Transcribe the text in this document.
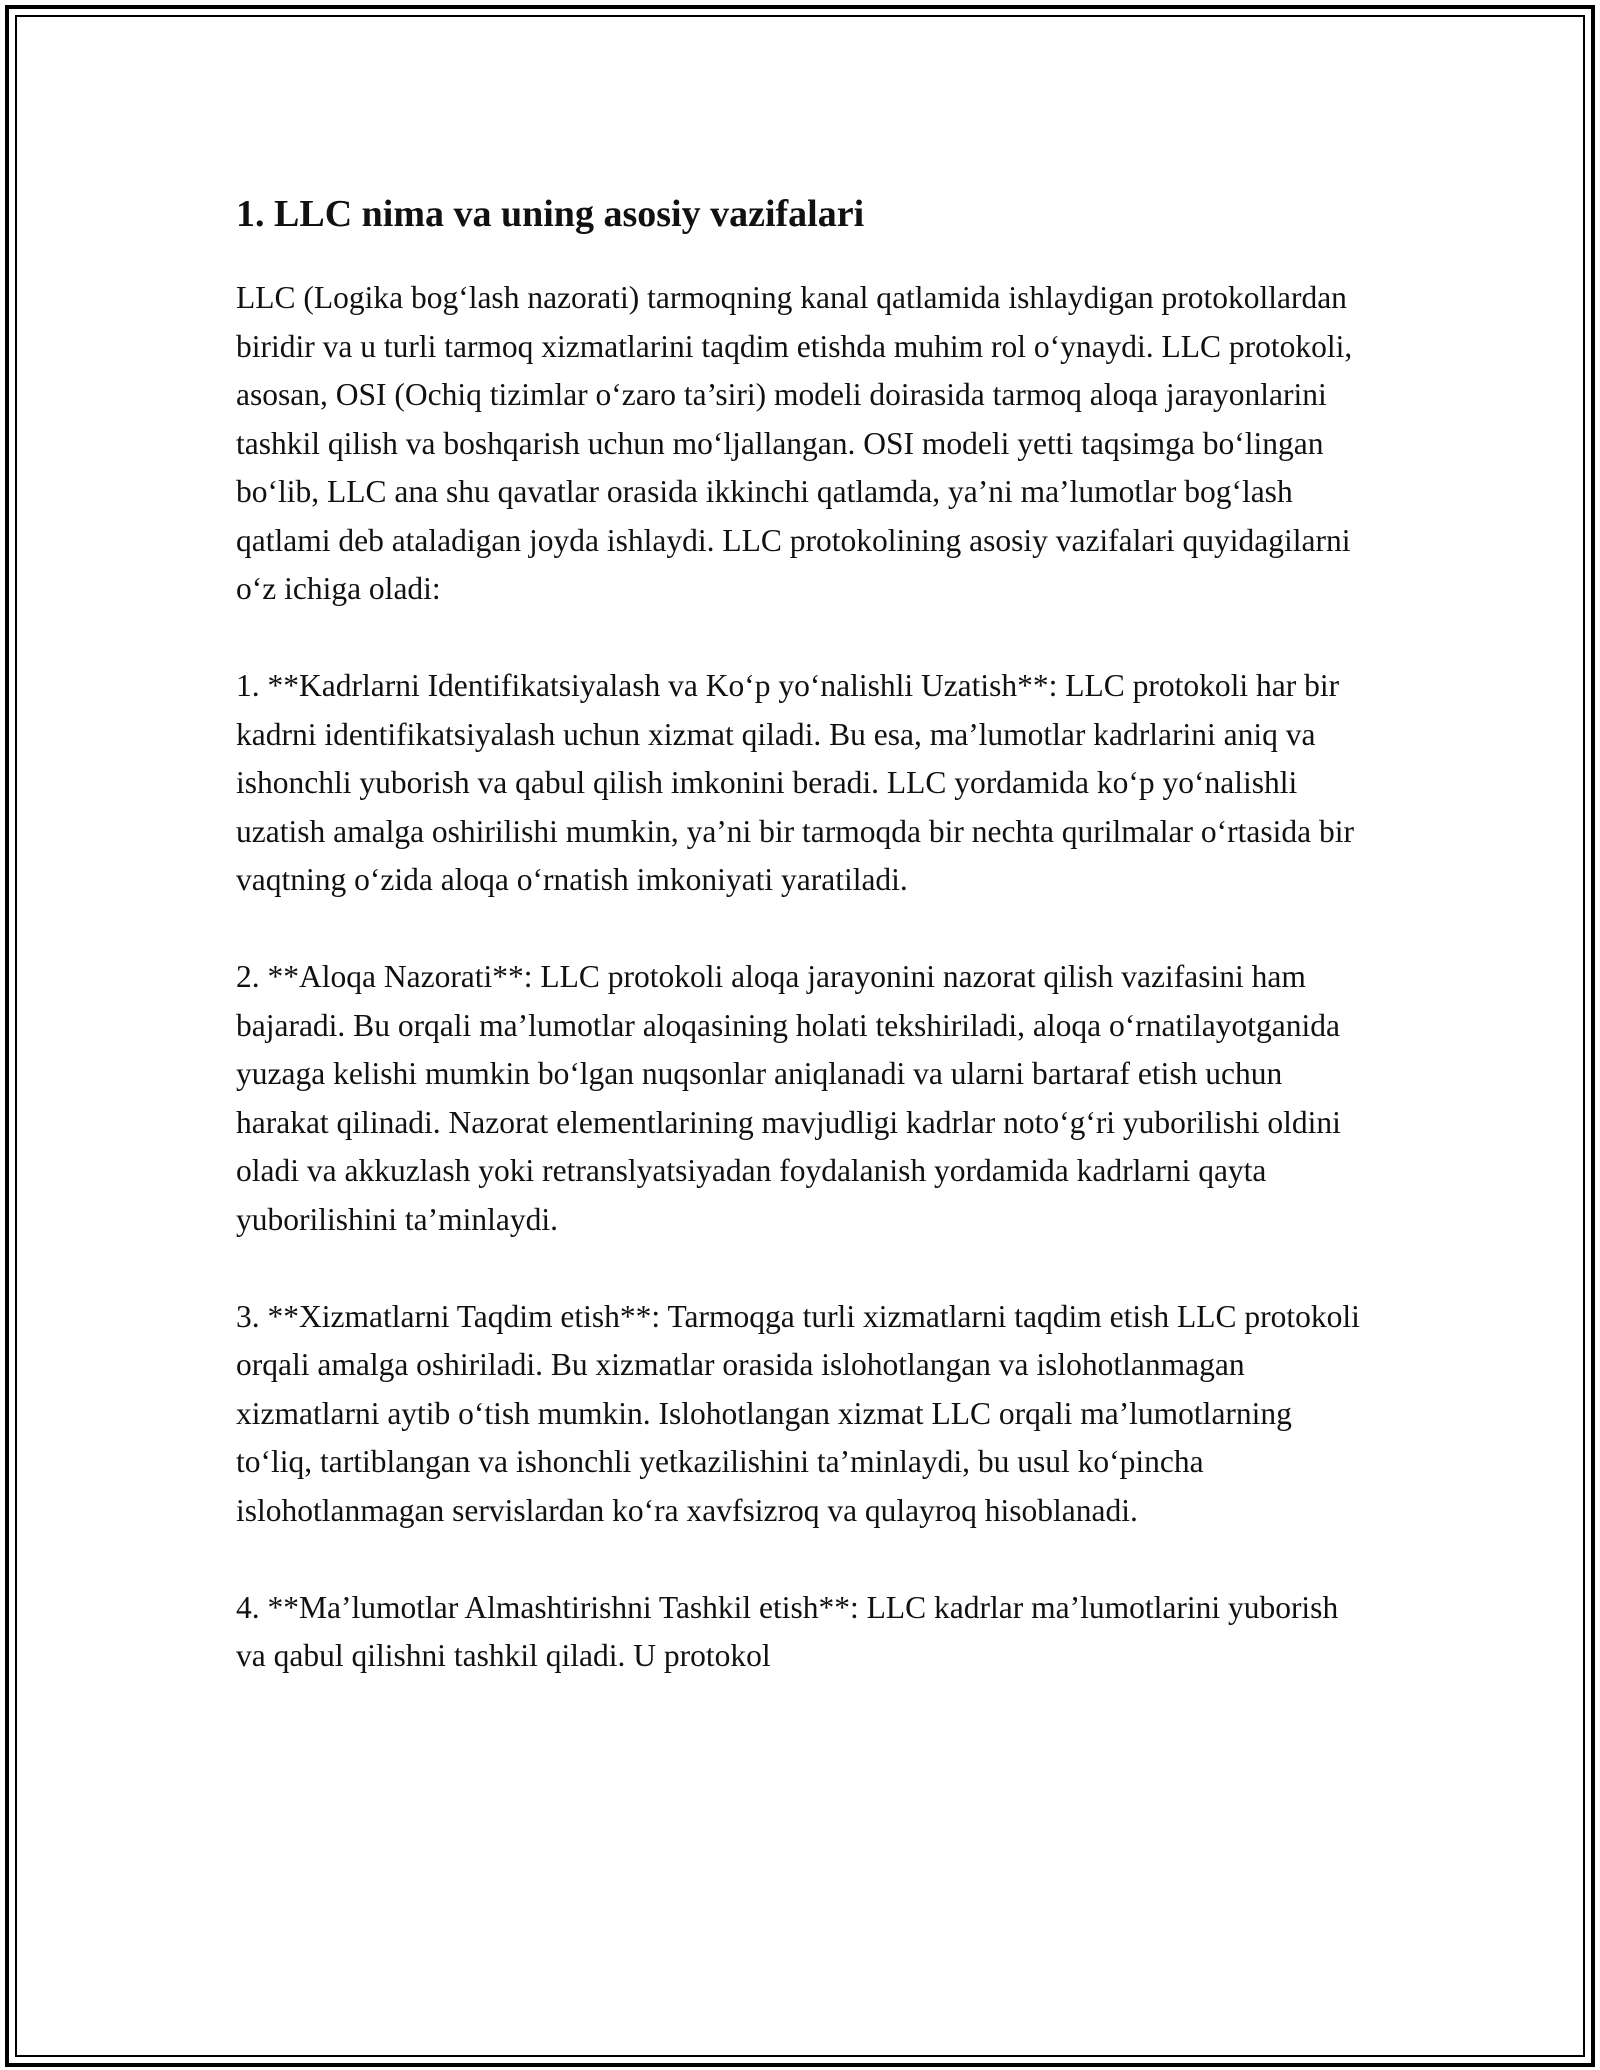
1. LLC nima va uning asosiy vazifalari

LLC (Logika bog‘lash nazorati) tarmoqning kanal qatlamida ishlaydigan protokollardan biridir va u turli tarmoq xizmatlarini taqdim etishda muhim rol o‘ynaydi. LLC protokoli, asosan, OSI (Ochiq tizimlar o‘zaro ta’siri) modeli doirasida tarmoq aloqa jarayonlarini tashkil qilish va boshqarish uchun mo‘ljallangan. OSI modeli yetti taqsimga bo‘lingan bo‘lib, LLC ana shu qavatlar orasida ikkinchi qatlamda, ya’ni ma’lumotlar bog‘lash qatlami deb ataladigan joyda ishlaydi. LLC protokolining asosiy vazifalari quyidagilarni o‘z ichiga oladi:

1. **Kadrlarni Identifikatsiyalash va Ko‘p yo‘nalishli Uzatish**: LLC protokoli har bir kadrni identifikatsiyalash uchun xizmat qiladi. Bu esa, ma’lumotlar kadrlarini aniq va ishonchli yuborish va qabul qilish imkonini beradi. LLC yordamida ko‘p yo‘nalishli uzatish amalga oshirilishi mumkin, ya’ni bir tarmoqda bir nechta qurilmalar o‘rtasida bir vaqtning o‘zida aloqa o‘rnatish imkoniyati yaratiladi.

2. **Aloqa Nazorati**: LLC protokoli aloqa jarayonini nazorat qilish vazifasini ham bajaradi. Bu orqali ma’lumotlar aloqasining holati tekshiriladi, aloqa o‘rnatilayotganida yuzaga kelishi mumkin bo‘lgan nuqsonlar aniqlanadi va ularni bartaraf etish uchun harakat qilinadi. Nazorat elementlarining mavjudligi kadrlar noto‘g‘ri yuborilishi oldini oladi va akkuzlash yoki retranslyatsiyadan foydalanish yordamida kadrlarni qayta yuborilishini ta’minlaydi.

3. **Xizmatlarni Taqdim etish**: Tarmoqga turli xizmatlarni taqdim etish LLC protokoli orqali amalga oshiriladi. Bu xizmatlar orasida islohotlangan va islohotlanmagan xizmatlarni aytib o‘tish mumkin. Islohotlangan xizmat LLC orqali ma’lumotlarning to‘liq, tartiblangan va ishonchli yetkazilishini ta’minlaydi, bu usul ko‘pincha islohotlanmagan servislardan ko‘ra xavfsizroq va qulayroq hisoblanadi.

4. **Ma’lumotlar Almashtirishni Tashkil etish**: LLC kadrlar ma’lumotlarini yuborish va qabul qilishni tashkil qiladi. U protokol
